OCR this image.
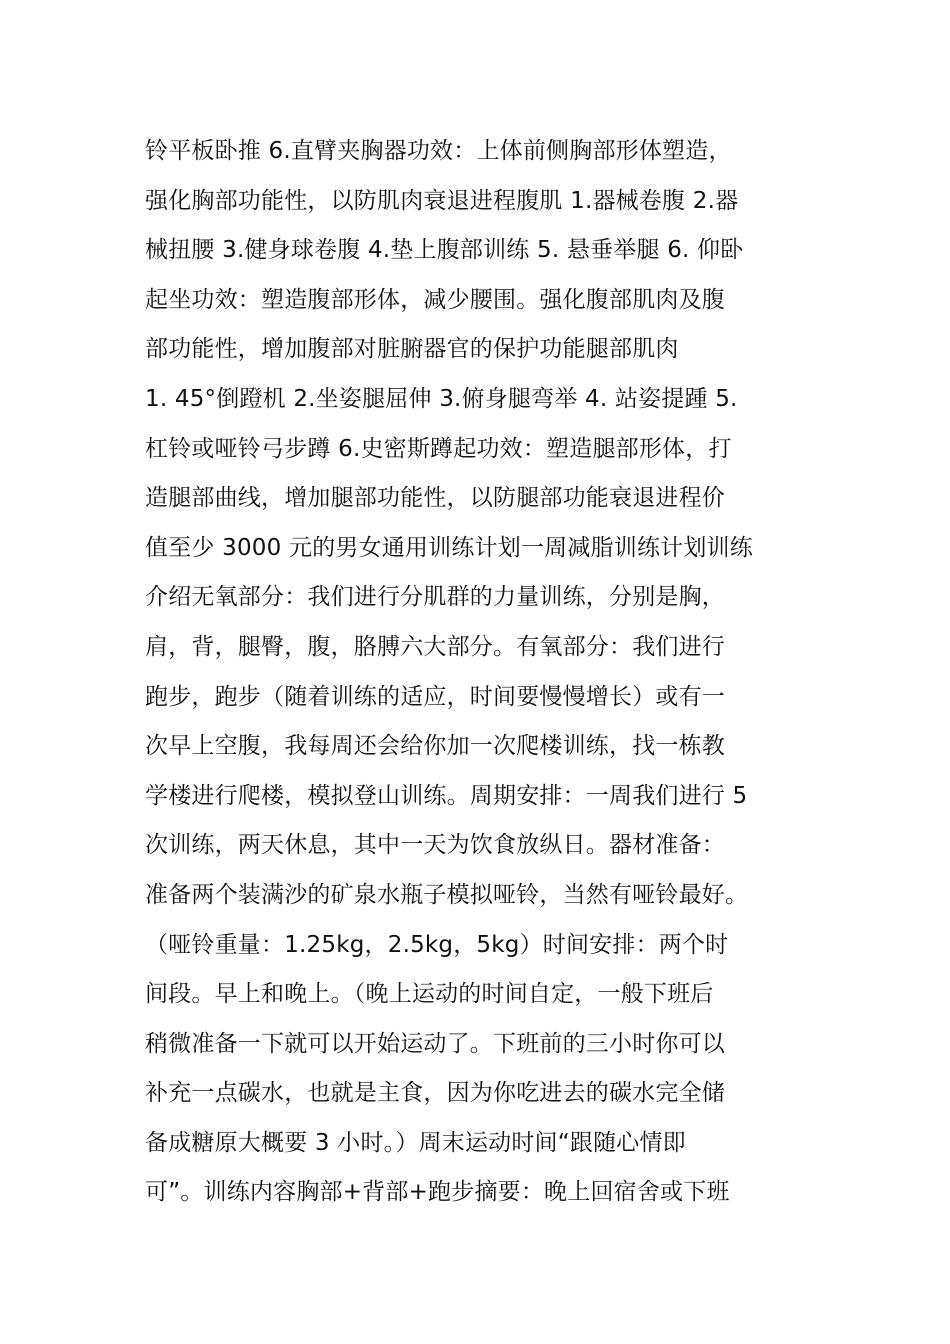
铃平板卧推 6.直臂夹胸器功效：上体前侧胸部形体塑造，
强化胸部功能性，以防肌肉衰退进程腹肌 1.器械卷腹 2.器
械扭腰 3.健身球卷腹 4.垫上腹部训练 5. 悬垂举腿 6. 仰卧
起坐功效：塑造腹部形体，减少腰围。强化腹部肌肉及腹
部功能性，增加腹部对脏腑器官的保护功能腿部肌肉
1. 45°倒蹬机 2.坐姿腿屈伸 3.俯身腿弯举 4. 站姿提踵 5.
杠铃或哑铃弓步蹲 6.史密斯蹲起功效：塑造腿部形体，打
造腿部曲线，增加腿部功能性，以防腿部功能衰退进程价
值至少 3000 元的男女通用训练计划一周减脂训练计划训练
介绍无氧部分：我们进行分肌群的力量训练，分别是胸，
肩，背，腿臀，腹，胳膊六大部分。有氧部分：我们进行
跑步，跑步（随着训练的适应，时间要慢慢增长）或有一
次早上空腹，我每周还会给你加一次爬楼训练，找一栋教
学楼进行爬楼，模拟登山训练。周期安排：一周我们进行 5
次训练，两天休息，其中一天为饮食放纵日。器材准备：
准备两个装满沙的矿泉水瓶子模拟哑铃，当然有哑铃最好。
（哑铃重量：1.25kg，2.5kg，5kg）时间安排：两个时
间段。早上和晚上。（晚上运动的时间自定，一般下班后
稍微准备一下就可以开始运动了。下班前的三小时你可以
补充一点碳水，也就是主食，因为你吃进去的碳水完全储
备成糖原大概要 3 小时。）周末运动时间“跟随心情即
可”。训练内容胸部+背部+跑步摘要：晚上回宿舍或下班
